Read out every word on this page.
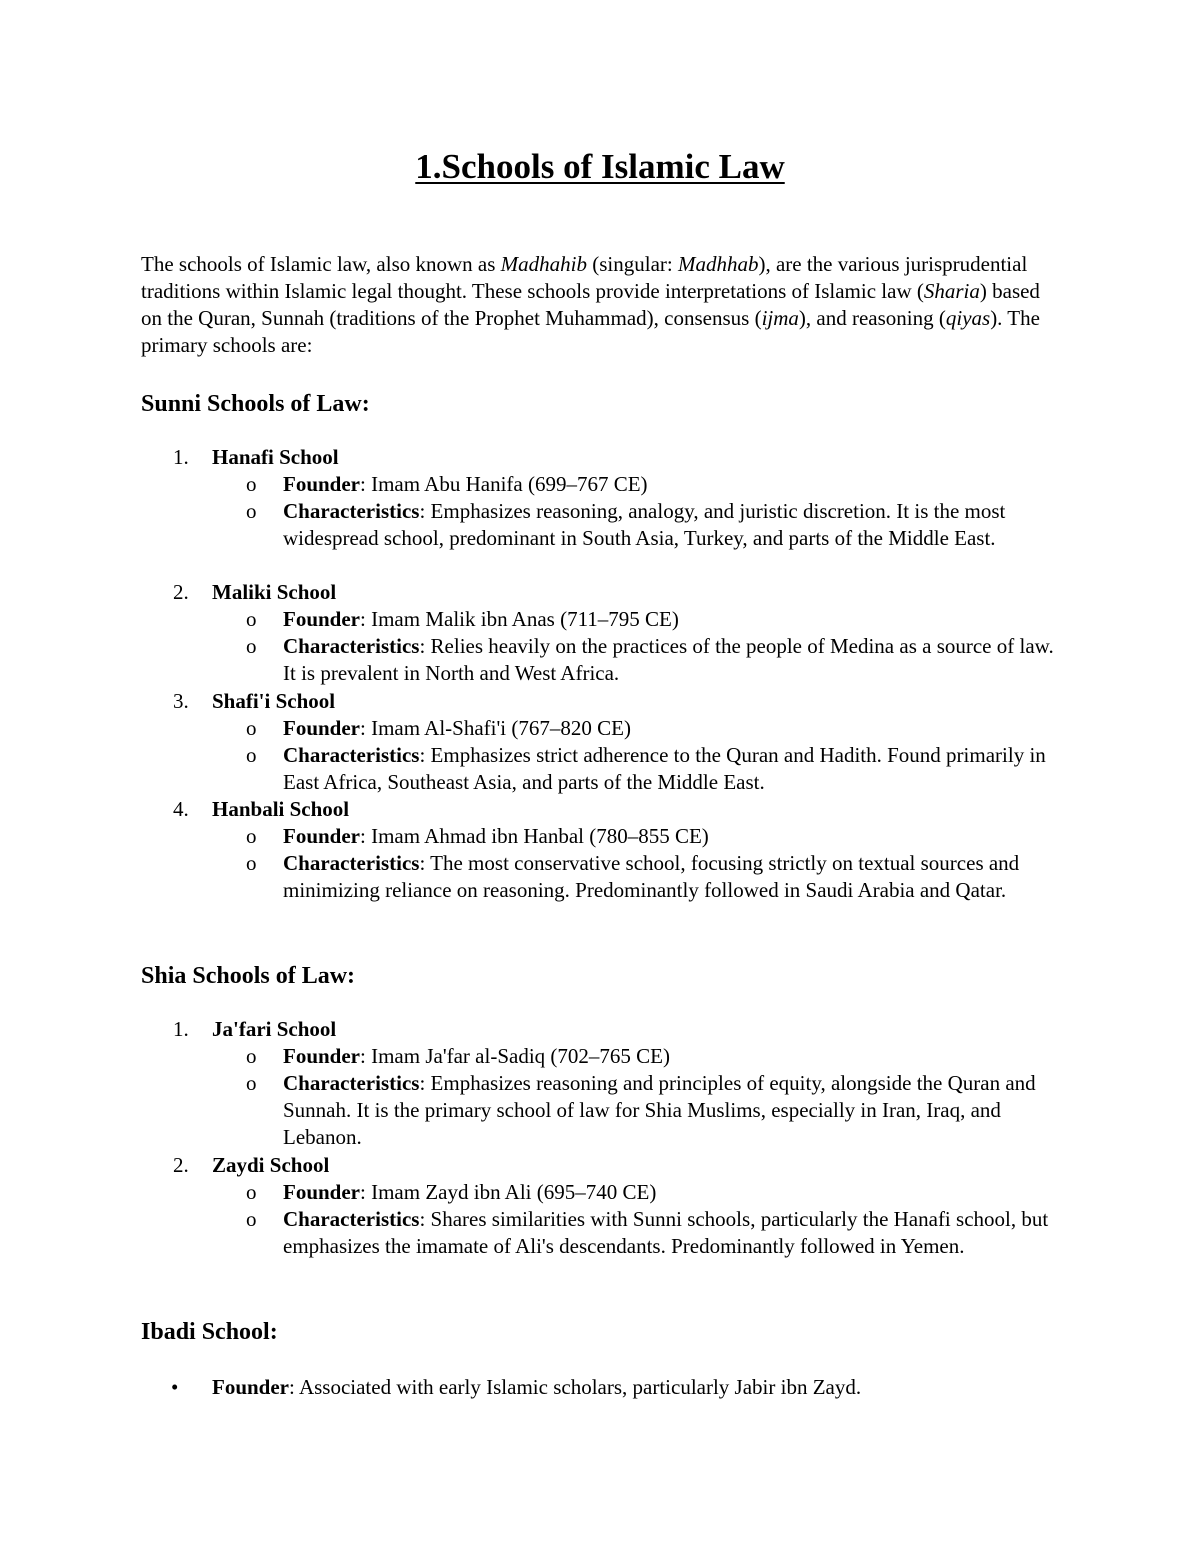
1.Schools of Islamic Law

The schools of Islamic law, also known as Madhahib (singular: Madhhab), are the various jurisprudential traditions within Islamic legal thought. These schools provide interpretations of Islamic law (Sharia) based on the Quran, Sunnah (traditions of the Prophet Muhammad), consensus (ijma), and reasoning (qiyas). The primary schools are:

Sunni Schools of Law:
1. Hanafi School
o Founder: Imam Abu Hanifa (699–767 CE)
o Characteristics: Emphasizes reasoning, analogy, and juristic discretion. It is the most widespread school, predominant in South Asia, Turkey, and parts of the Middle East.
2. Maliki School
o Founder: Imam Malik ibn Anas (711–795 CE)
o Characteristics: Relies heavily on the practices of the people of Medina as a source of law. It is prevalent in North and West Africa.
3. Shafi'i School
o Founder: Imam Al-Shafi'i (767–820 CE)
o Characteristics: Emphasizes strict adherence to the Quran and Hadith. Found primarily in East Africa, Southeast Asia, and parts of the Middle East.
4. Hanbali School
o Founder: Imam Ahmad ibn Hanbal (780–855 CE)
o Characteristics: The most conservative school, focusing strictly on textual sources and minimizing reliance on reasoning. Predominantly followed in Saudi Arabia and Qatar.
Shia Schools of Law:
1. Ja'fari School
o Founder: Imam Ja'far al-Sadiq (702–765 CE)
o Characteristics: Emphasizes reasoning and principles of equity, alongside the Quran and Sunnah. It is the primary school of law for Shia Muslims, especially in Iran, Iraq, and Lebanon.
2. Zaydi School
o Founder: Imam Zayd ibn Ali (695–740 CE)
o Characteristics: Shares similarities with Sunni schools, particularly the Hanafi school, but emphasizes the imamate of Ali's descendants. Predominantly followed in Yemen.
Ibadi School:
• Founder: Associated with early Islamic scholars, particularly Jabir ibn Zayd.
